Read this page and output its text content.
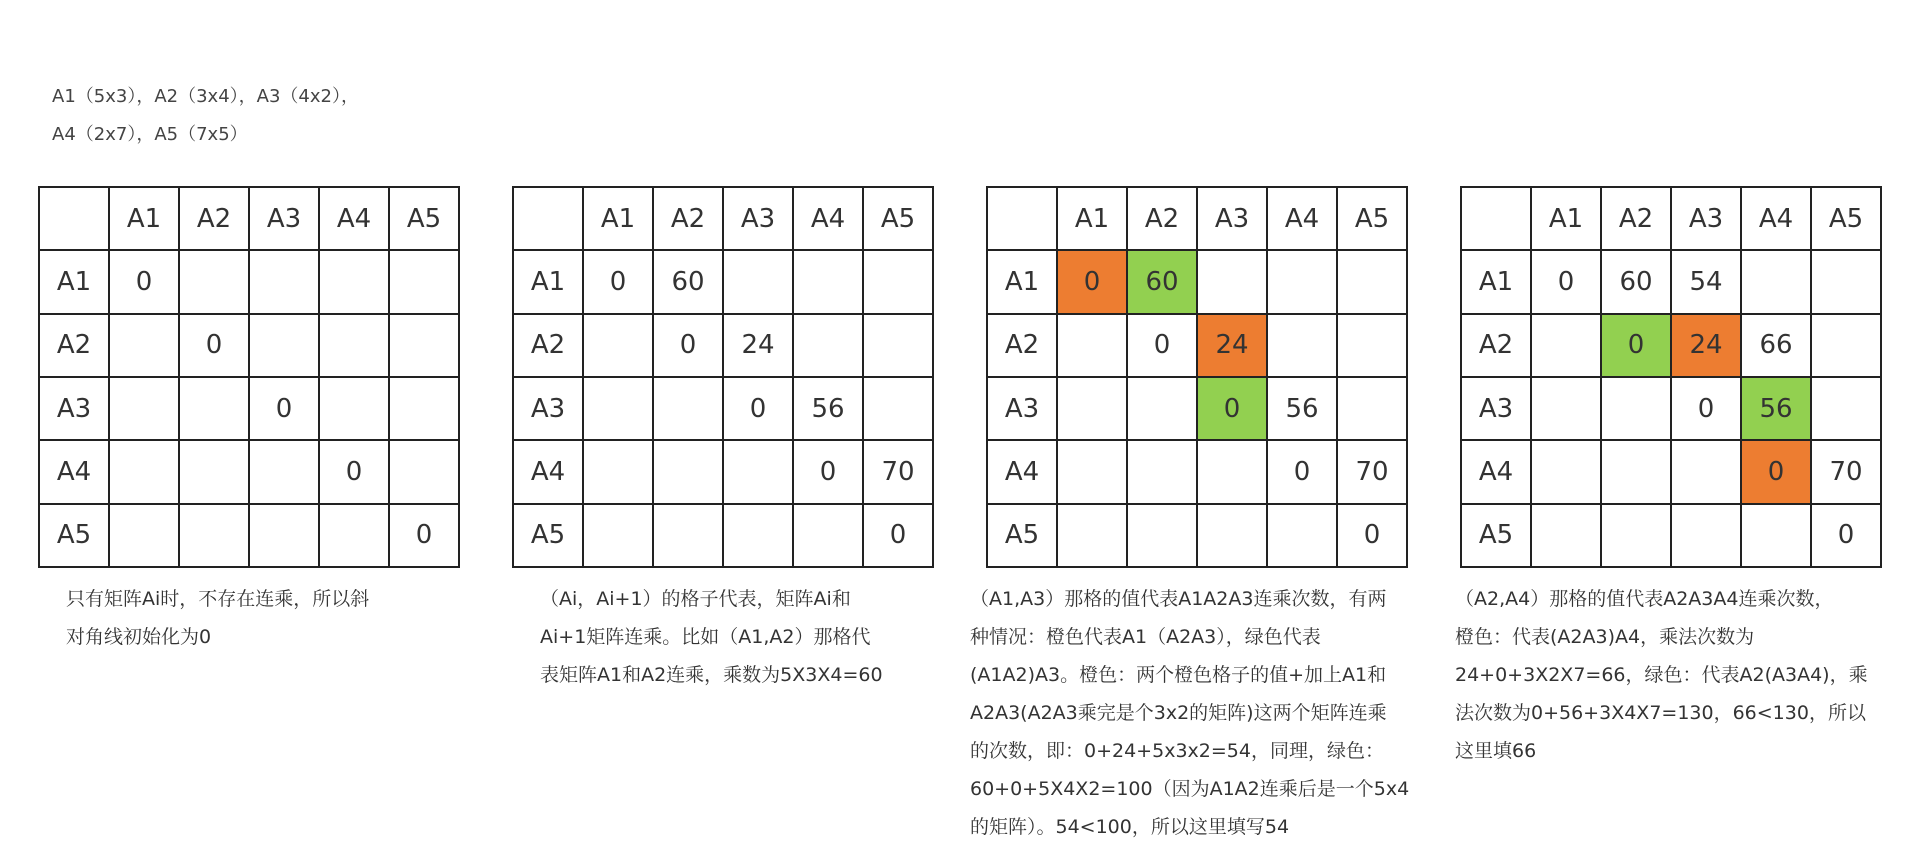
A1（5x3），A2（3x4），A3（4x2），
A4（2x7），A5（7x5）
	A1	A2	A3	A4	A5
A1	0				
A2		0			
A3			0		
A4				0	
A5					0
	A1	A2	A3	A4	A5
A1	0	60			
A2		0	24		
A3			0	56	
A4				0	70
A5					0
	A1	A2	A3	A4	A5
A1	0	60			
A2		0	24		
A3			0	56	
A4				0	70
A5					0
	A1	A2	A3	A4	A5
A1	0	60	54		
A2		0	24	66	
A3			0	56	
A4				0	70
A5					0
只有矩阵Ai时，不存在连乘，所以斜
对角线初始化为0
（Ai，Ai+1）的格子代表，矩阵Ai和
Ai+1矩阵连乘。比如（A1,A2）那格代
表矩阵A1和A2连乘，乘数为5X3X4=60
（A1,A3）那格的值代表A1A2A3连乘次数，有两
种情况：橙色代表A1（A2A3），绿色代表
(A1A2)A3。橙色：两个橙色格子的值+加上A1和
A2A3(A2A3乘完是个3x2的矩阵)这两个矩阵连乘
的次数，即：0+24+5x3x2=54，同理，绿色：
60+0+5X4X2=100（因为A1A2连乘后是一个5x4
的矩阵）。54<100，所以这里填写54
（A2,A4）那格的值代表A2A3A4连乘次数，
橙色：代表(A2A3)A4，乘法次数为
24+0+3X2X7=66，绿色：代表A2(A3A4)，乘
法次数为0+56+3X4X7=130，66<130，所以
这里填66
